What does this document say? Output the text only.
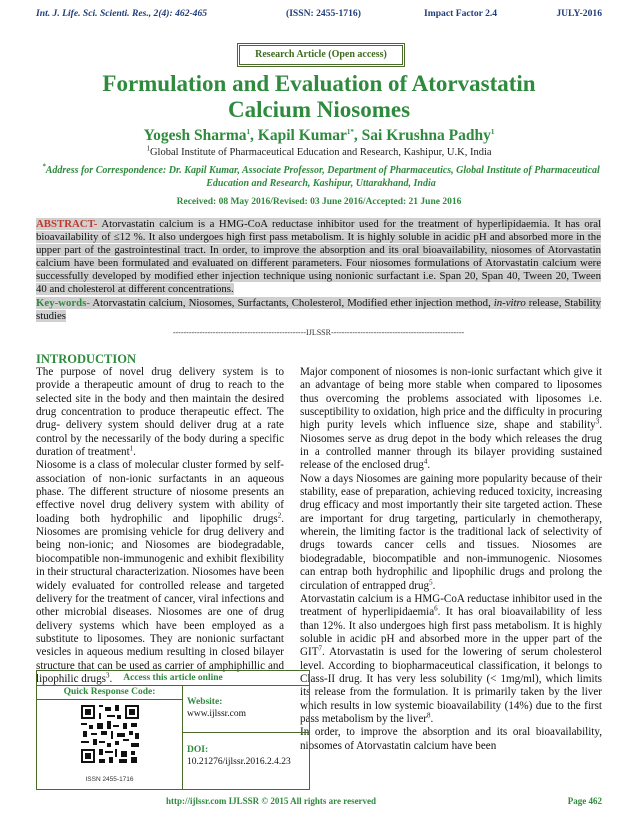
Int. J. Life. Sci. Scienti. Res., 2(4): 462-465	(ISSN: 2455-1716)	Impact Factor 2.4	JULY-2016
Research Article (Open access)
Formulation and Evaluation of Atorvastatin
Calcium Niosomes
Yogesh Sharma$^1$, Kapil Kumar$^{1*}$, Sai Krushna Padhy$^1$
$^1$Global Institute of Pharmaceutical Education and Research, Kashipur, U.K, India
*Address for Correspondence: Dr. Kapil Kumar, Associate Professor, Department of Pharmaceutics, Global Institute of Pharmaceutical Education and Research, Kashipur, Uttarakhand, India
Received: 08 May 2016/Revised: 03 June 2016/Accepted: 21 June 2016
ABSTRACT- Atorvastatin calcium is a HMG-CoA reductase inhibitor used for the treatment of hyperlipidaemia. It has oral bioavailability of ≤12 %. It also undergoes high first pass metabolism. It is highly soluble in acidic pH and absorbed more in the upper part of the gastrointestinal tract. In order, to improve the absorption and its oral bioavailability, niosomes of Atorvastatin calcium have been formulated and evaluated on different parameters. Four niosomes formulations of Atorvastatin calcium were successfully developed by modified ether injection technique using nonionic surfactant i.e. Span 20, Span 40, Tween 20, Tween 40 and cholesterol at different concentrations.
Key-words- Atorvastatin calcium, Niosomes, Surfactants, Cholesterol, Modified ether injection method, in-vitro release, Stability studies
--------------------------------------------------IJLSSR--------------------------------------------------
INTRODUCTION

The purpose of novel drug delivery system is to provide a therapeutic amount of drug to reach to the selected site in the body and then maintain the desired drug concentration to produce therapeutic effect. The drug- delivery system should deliver drug at a rate control by the necessarily of the body during a specific duration of treatment$^1$.

Niosome is a class of molecular cluster formed by self-association of non-ionic surfactants in an aqueous phase. The different structure of niosome presents an effective novel drug delivery system with ability of loading both hydrophilic and lipophilic drugs$^2$. Niosomes are promising vehicle for drug delivery and being non-ionic; and Niosomes are biodegradable, biocompatible non-immunogenic and exhibit flexibility in their structural characterization. Niosomes have been widely evaluated for controlled release and targeted delivery for the treatment of cancer, viral infections and other microbial diseases. Niosomes are one of drug delivery systems which have been employed as a substitute to liposomes. They are nonionic surfactant vesicles in aqueous medium resulting in closed bilayer structure that can be used as carrier of amphiphillic and lipophilic drugs$^3$.

Major component of niosomes is non-ionic surfactant which give it an advantage of being more stable when compared to liposomes thus overcoming the problems associated with liposomes i.e. susceptibility to oxidation, high price and the difficulty in procuring high purity levels which influence size, shape and stability$^3$. Niosomes serve as drug depot in the body which releases the drug in a controlled manner through its bilayer providing sustained release of the enclosed drug$^4$.

Now a days Niosomes are gaining more popularity because of their stability, ease of preparation, achieving reduced toxicity, increasing drug efficacy and most importantly their site targeted action. These are important for drug targeting, particularly in chemotherapy, wherein, the limiting factor is the traditional lack of selectivity of drugs towards cancer cells and tissues. Niosomes are biodegradable, biocompatible and non-immunogenic. Niosomes can entrap both hydrophilic and lipophilic drugs and prolong the circulation of entrapped drug$^5$.

Atorvastatin calcium is a HMG-CoA reductase inhibitor used in the treatment of hyperlipidaemia$^6$. It has oral bioavailability of less than 12%. It also undergoes high first pass metabolism. It is highly soluble in acidic pH and absorbed more in the upper part of the GIT$^7$. Atorvastatin is used for the lowering of serum cholesterol level. According to biopharmaceutical classification, it belongs to Class-II drug. It has very less solubility (< 1mg/ml), which limits its release from the formulation. It is primarily taken by the liver which results in low systemic bioavailability (14%) due to the first pass metabolism by the liver$^8$.

In order, to improve the absorption and its oral bioavailability, niosomes of Atorvastatin calcium have been

Access this article online
Quick Response Code:
ISSN 2455-1716
Website:
www.ijlssr.com
DOI:
10.21276/ijlssr.2016.2.4.23
http://ijlssr.com IJLSSR © 2015 All rights are reserved	Page 462
